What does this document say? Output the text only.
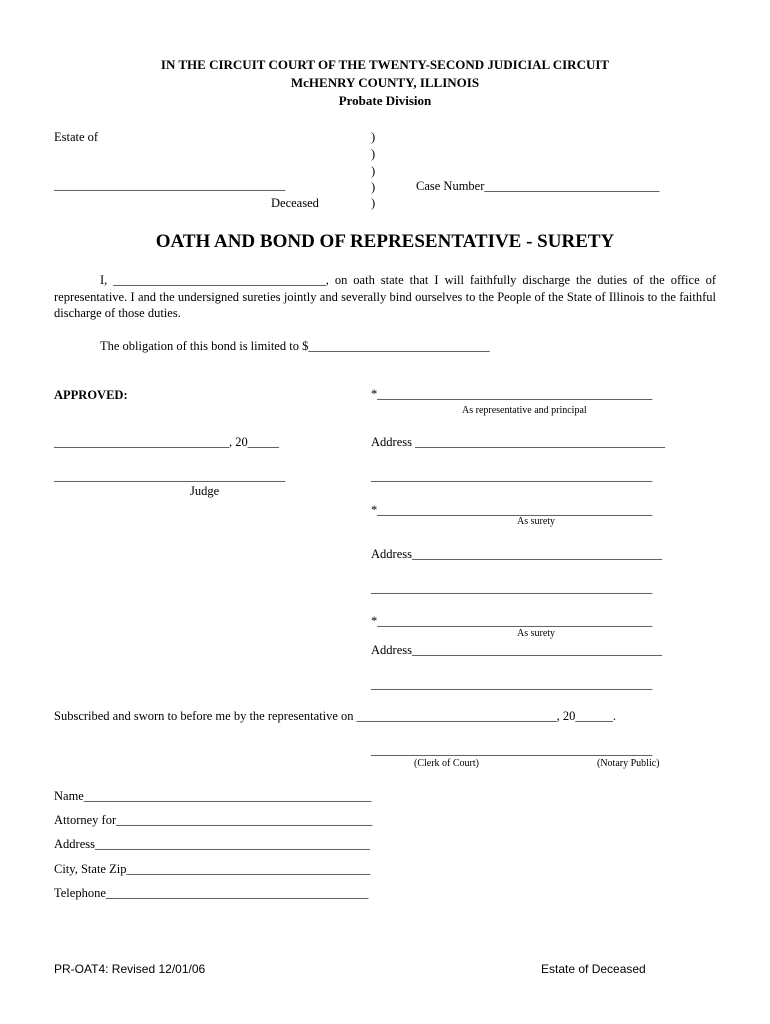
IN THE CIRCUIT COURT OF THE TWENTY-SECOND JUDICIAL CIRCUIT
McHENRY COUNTY, ILLINOIS
Probate Division
Estate of	)
)
)
)
)
_____________________________________
Deceased
Case Number____________________________
OATH AND BOND OF REPRESENTATIVE - SURETY
I, __________________________________, on oath state that I will faithfully discharge the duties of the office of representative. I and the undersigned sureties jointly and severally bind ourselves to the People of the State of Illinois to the faithful discharge of those duties.
The obligation of this bond is limited to $_____________________________
APPROVED:
____________________________, 20_____
_____________________________________
Judge
*____________________________________________
As representative and principal
Address ________________________________________
_____________________________________________
*____________________________________________
As surety
Address________________________________________
_____________________________________________
*____________________________________________
As surety
Address________________________________________
_____________________________________________
Subscribed and sworn to before me by the representative on ________________________________, 20______.
_____________________________________________
(Clerk of Court)	(Notary Public)
Name______________________________________________
Attorney for_________________________________________
Address____________________________________________
City, State Zip_______________________________________
Telephone__________________________________________
PR-OAT4: Revised 12/01/06	Estate of Deceased
